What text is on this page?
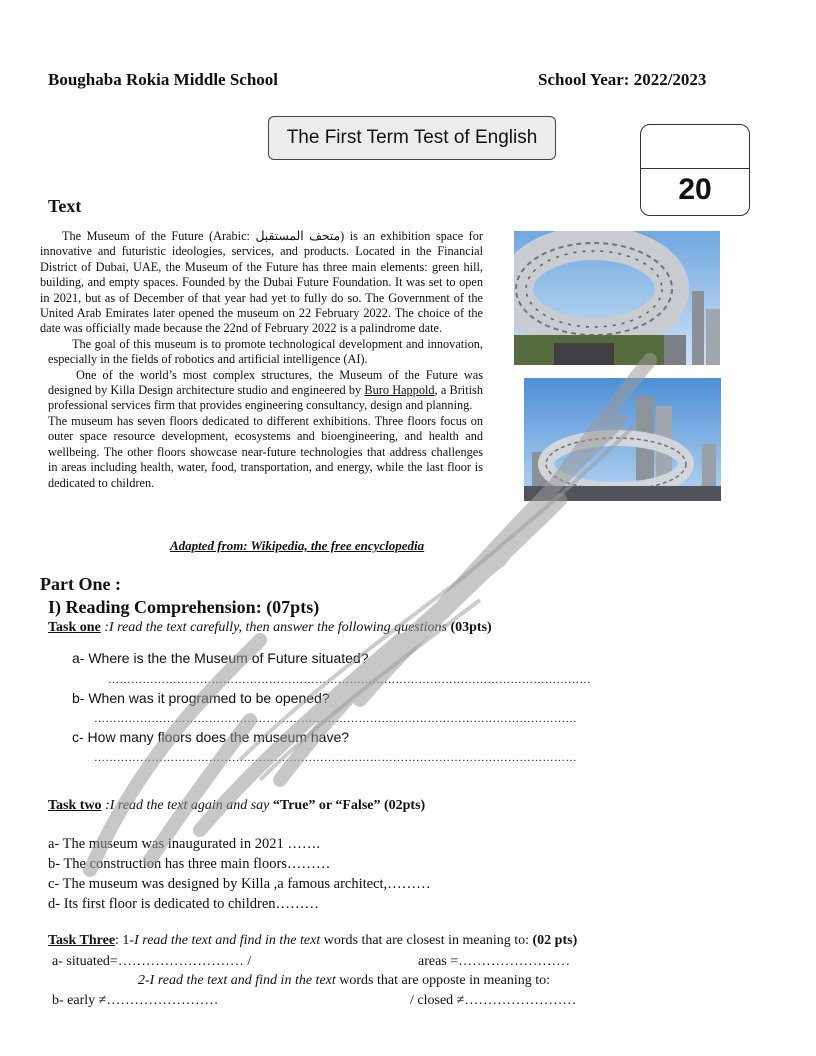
Boughaba Rokia Middle School	School Year: 2022/2023
The First Term Test of English
20
Text

The Museum of the Future (Arabic: متحف المستقبل) is an exhibition space for innovative and futuristic ideologies, services, and products. Located in the Financial District of Dubai, UAE, the Museum of the Future has three main elements: green hill, building, and empty spaces. Founded by the Dubai Future Foundation. It was set to open in 2021, but as of December of that year had yet to fully do so. The Government of the United Arab Emirates later opened the museum on 22 February 2022. The choice of the date was officially made because the 22nd of February 2022 is a palindrome date.

The goal of this museum is to promote technological development and innovation, especially in the fields of robotics and artificial intelligence (AI).

One of the world’s most complex structures, the Museum of the Future was designed by Killa Design architecture studio and engineered by Buro Happold, a British professional services firm that provides engineering consultancy, design and planning.

The museum has seven floors dedicated to different exhibitions. Three floors focus on outer space resource development, ecosystems and bioengineering, and health and wellbeing. The other floors showcase near-future technologies that address challenges in areas including health, water, food, transportation, and energy, while the last floor is dedicated to children.

Adapted from: Wikipedia, the free encyclopedia
Part One :
I) Reading Comprehension: (07pts)
Task one :I read the text carefully, then answer the following questions (03pts)
a- Where is the the Museum of Future situated?
………………………………………………………………………………………………………………
b- When was it programed to be opened?
………………………………………………………………………………………………………………
c- How many floors does the museum have?
………………………………………………………………………………………………………………
Task two :I read the text again and say “True” or “False” (02pts)
a- The museum was inaugurated in 2021 …….
b- The construction has three main floors………
c- The museum was designed by Killa ,a famous architect,………
d- Its first floor is dedicated to children………
Task Three: 1-I read the text and find in the text words that are closest in meaning to: (02 pts)
a- situated=……………………… /	areas =……………………
2-I read the text and find in the text words that are opposte in meaning to:
b- early ≠……………………	/ closed ≠……………………
